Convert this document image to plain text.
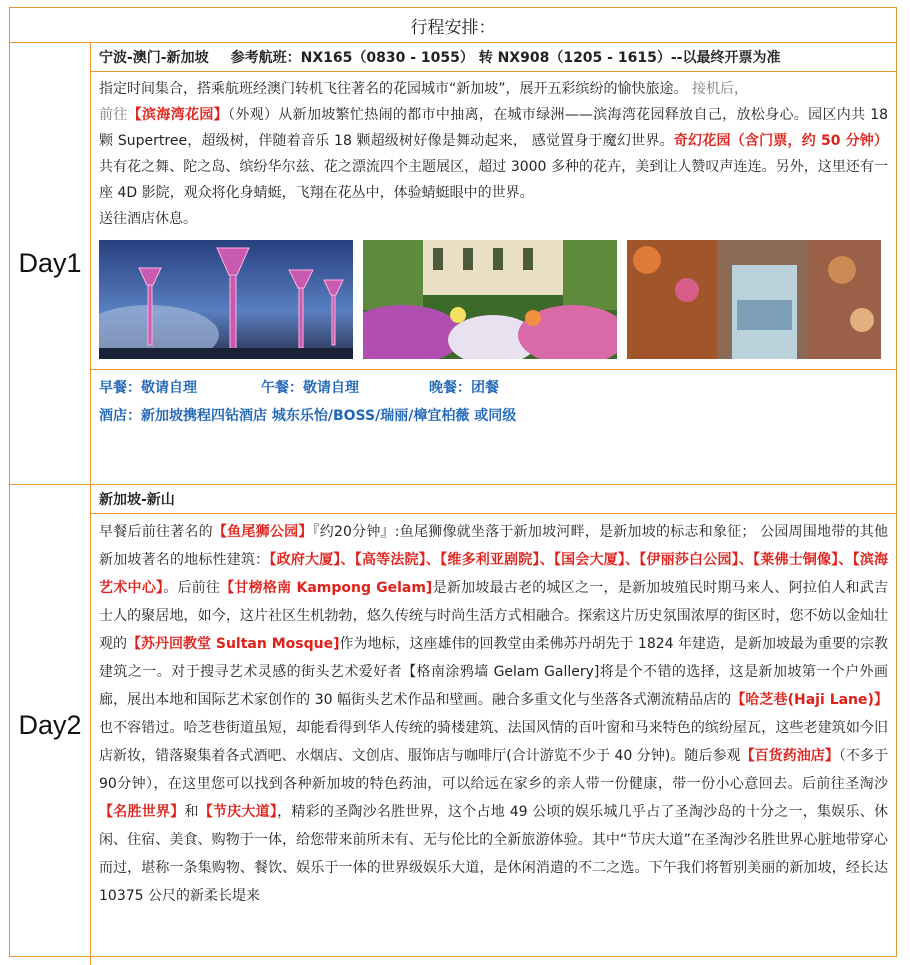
行程安排：
Day1
宁波-澳门-新加坡 参考航班：NX165（0830 - 1055） 转 NX908（1205 - 1615）--以最终开票为准

指定时间集合，搭乘航班经澳门转机飞往著名的花园城市“新加坡”，展开五彩缤纷的愉快旅途。 接机后，
前往【滨海湾花园】（外观）从新加坡繁忙热闹的都市中抽离，在城市绿洲——滨海湾花园释放自己，放松身心。园区内共 18 颗 Supertree，超级树，伴随着音乐 18 颗超级树好像是舞动起来， 感觉置身于魔幻世界。奇幻花园（含门票，约 50 分钟）共有花之舞、陀之岛、缤纷华尔兹、花之漂流四个主题展区，超过 3000 多种的花卉，美到让人赞叹声连连。另外，这里还有一座 4D 影院，观众将化身蜻蜓，飞翔在花丛中，体验蜻蜓眼中的世界。

送往酒店休息。

早餐：敬请自理	午餐：敬请自理	晚餐：团餐
酒店：新加坡携程四钻酒店 城东乐怡/BOSS/瑞丽/樟宜柏薇 或同级
Day2
新加坡-新山

早餐后前往著名的【鱼尾狮公园】『约20分钟』:鱼尾狮像就坐落于新加坡河畔，是新加坡的标志和象征； 公园周围地带的其他新加坡著名的地标性建筑：【政府大厦】、【高等法院】、【维多利亚剧院】、【国会大厦】、【伊丽莎白公园】、【莱佛士铜像】、【滨海艺术中心】。后前往【甘榜格南 Kampong Gelam]是新加坡最古老的城区之一，是新加坡殖民时期马来人、阿拉伯人和武吉士人的聚居地，如今，这片社区生机勃勃，悠久传统与时尚生活方式相融合。探索这片历史氛围浓厚的街区时，您不妨以金灿壮观的【苏丹回教堂 Sultan Mosque]作为地标，这座雄伟的回教堂由柔佛苏丹胡先于 1824 年建造，是新加坡最为重要的宗教建筑之一。对于搜寻艺术灵感的街头艺术爱好者【格南涂鸦墙 Gelam Gallery]将是个不错的选择，这是新加坡第一个户外画廊，展出本地和国际艺术家创作的 30 幅街头艺术作品和壁画。融合多重文化与坐落各式潮流精品店的【哈芝巷(Haji Lane)】也不容错过。哈芝巷街道虽短，却能看得到华人传统的骑楼建筑、法国风情的百叶窗和马来特色的缤纷屋瓦，这些老建筑如今旧店新妆，错落聚集着各式酒吧、水烟店、文创店、服饰店与咖啡厅(合计游览不少于 40 分钟)。随后参观【百货药油店】（不多于 90分钟），在这里您可以找到各种新加坡的特色药油，可以给远在家乡的亲人带一份健康，带一份小心意回去。后前往圣淘沙【名胜世界】和【节庆大道】，精彩的圣陶沙名胜世界，这个占地 49 公顷的娱乐城几乎占了圣淘沙岛的十分之一，集娱乐、休闲、住宿、美食、购物于一体，给您带来前所未有、无与伦比的全新旅游体验。其中“节庆大道”在圣淘沙名胜世界心脏地带穿心而过，堪称一条集购物、餐饮、娱乐于一体的世界级娱乐大道，是休闲消遣的不二之选。下午我们将暂别美丽的新加坡，经长达 10375 公尺的新柔长堤来
